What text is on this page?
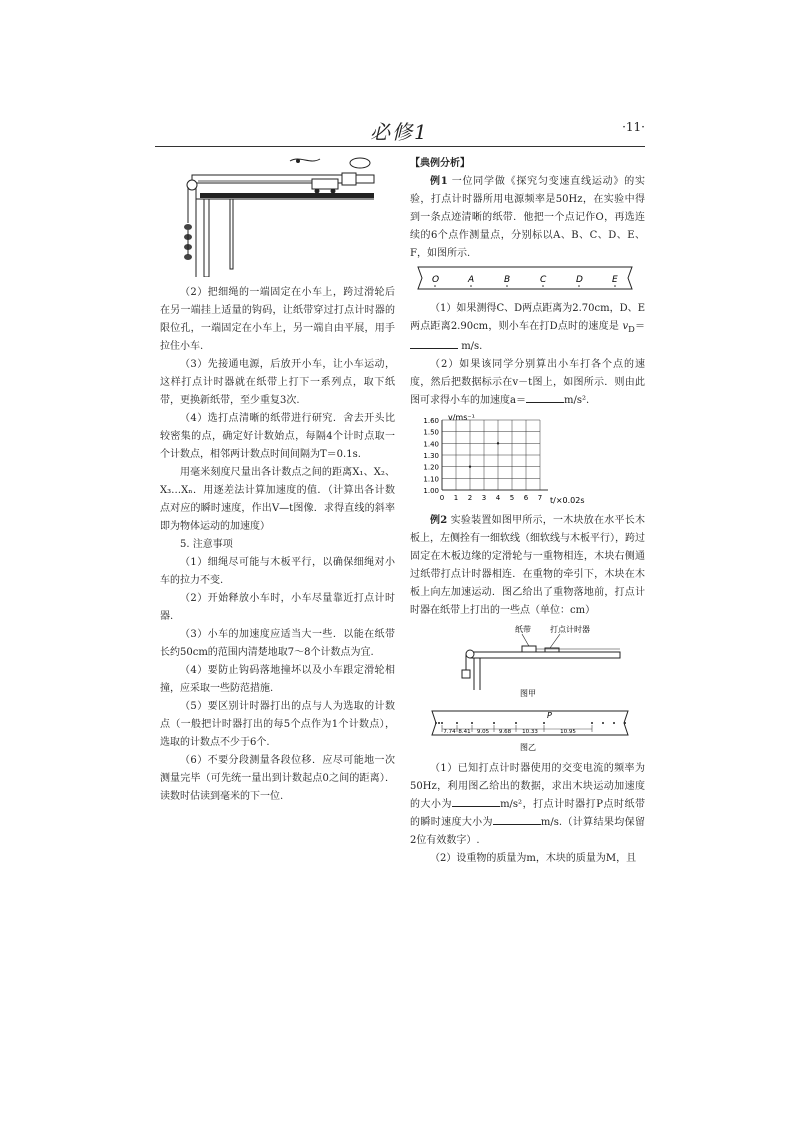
必修1	·11·

（2）把细绳的一端固定在小车上，跨过滑轮后在另一端挂上适量的钩码，让纸带穿过打点计时器的限位孔，一端固定在小车上，另一端自由平展，用手拉住小车.

（3）先接通电源，后放开小车，让小车运动，这样打点计时器就在纸带上打下一系列点，取下纸带，更换新纸带，至少重复3次.

（4）选打点清晰的纸带进行研究．舍去开头比较密集的点，确定好计数始点，每隔4个计时点取一个计数点，相邻两计数点时间间隔为T＝0.1s.

用毫米刻度尺量出各计数点之间的距离X₁、X₂、X₃…Xₙ．用逐差法计算加速度的值．（计算出各计数点对应的瞬时速度，作出V—t图像．求得直线的斜率即为物体运动的加速度）

5. 注意事项

（1）细绳尽可能与木板平行，以确保细绳对小车的拉力不变.

（2）开始释放小车时，小车尽量靠近打点计时器.

（3）小车的加速度应适当大一些．以能在纸带长约50cm的范围内清楚地取7～8个计数点为宜.

（4）要防止钩码落地撞坏以及小车跟定滑轮相撞，应采取一些防范措施.

（5）要区别计时器打出的点与人为选取的计数点（一般把计时器打出的每5个点作为1个计数点），选取的计数点不少于6个.

（6）不要分段测量各段位移．应尽可能地一次测量完毕（可先统一量出到计数起点0之间的距离）．读数时估读到毫米的下一位.

【典例分析】

例1 一位同学做《探究匀变速直线运动》的实验，打点计时器所用电源频率是50Hz，在实验中得到一条点迹清晰的纸带．他把一个点记作O，再选连续的6个点作测量点，分别标以A、B、C、D、E、F，如图所示.

O	A	B	C	D	E

（1）如果测得C、D两点距离为2.70cm，D、E两点距离2.90cm，则小车在打D点时的速度是 $v_D= m/s$.

（2）如果该同学分别算出小车打各个点的速度，然后把数据标示在v－t图上，如图所示．则由此图可求得小车的加速度a＝	m/s².

v/ms⁻¹
1.60
1.50
1.40
1.30
1.20
1.10
1.00
0 1 2 3 4 5 6 7 t/×0.02s

例2 实验装置如图甲所示，一木块放在水平长木板上，左侧拴有一细软线（细软线与木板平行），跨过固定在木板边缘的定滑轮与一重物相连，木块右侧通过纸带打点计时器相连．在重物的牵引下，木块在木板上向左加速运动．图乙给出了重物落地前，打点计时器在纸带上打出的一些点（单位：cm）

纸带 打点计时器
图甲

P
7.74 8.41 9.05 9.68 10.33	10.95
图乙

（1）已知打点计时器使用的交变电流的频率为50Hz，利用图乙给出的数据，求出木块运动加速度的大小为	m/s²，打点计时器打P点时纸带的瞬时速度大小为	m/s.（计算结果均保留2位有效数字）.

（2）设重物的质量为m，木块的质量为M，且
